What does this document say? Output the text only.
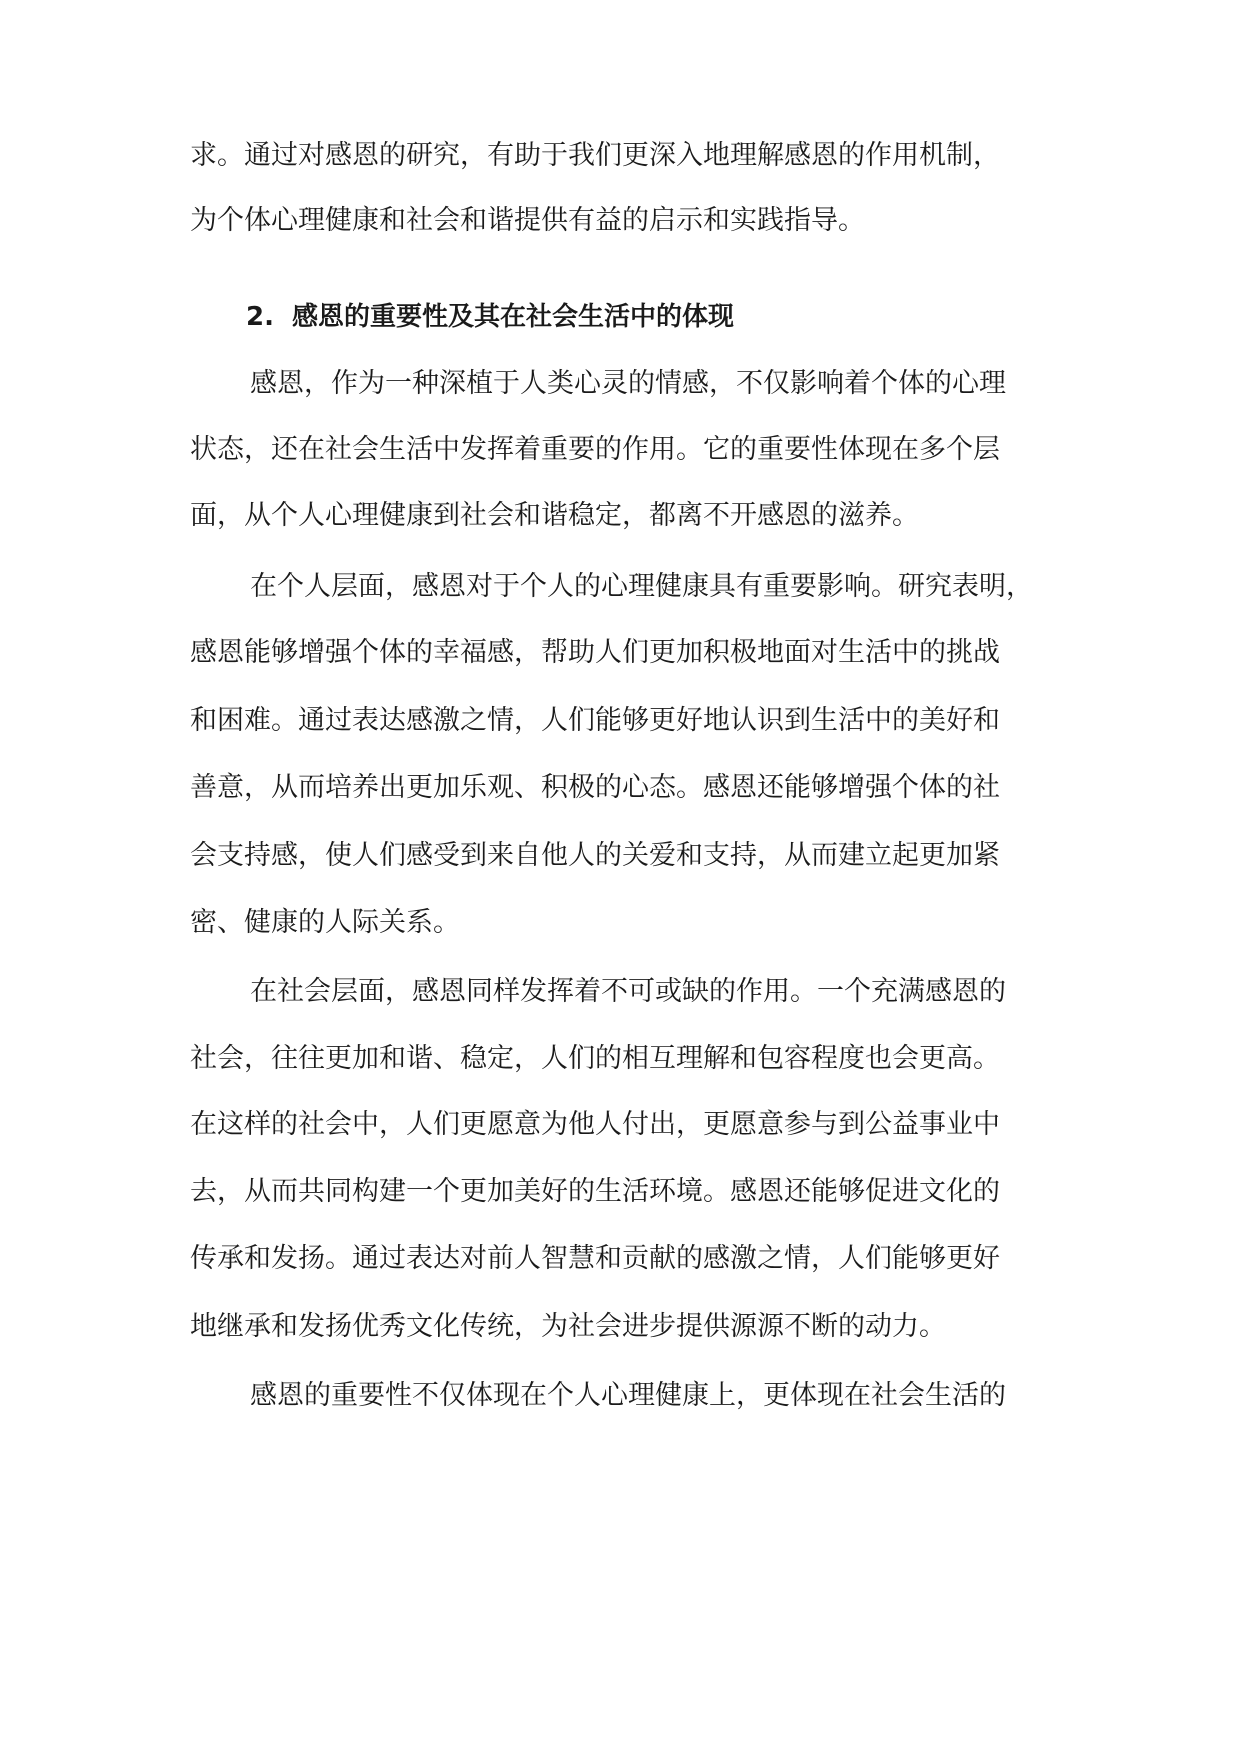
求。通过对感恩的研究，有助于我们更深入地理解感恩的作用机制，
为个体心理健康和社会和谐提供有益的启示和实践指导。
2. 感恩的重要性及其在社会生活中的体现
感恩，作为一种深植于人类心灵的情感，不仅影响着个体的心理
状态，还在社会生活中发挥着重要的作用。它的重要性体现在多个层
面，从个人心理健康到社会和谐稳定，都离不开感恩的滋养。
在个人层面，感恩对于个人的心理健康具有重要影响。研究表明，
感恩能够增强个体的幸福感，帮助人们更加积极地面对生活中的挑战
和困难。通过表达感激之情，人们能够更好地认识到生活中的美好和
善意，从而培养出更加乐观、积极的心态。感恩还能够增强个体的社
会支持感，使人们感受到来自他人的关爱和支持，从而建立起更加紧
密、健康的人际关系。
在社会层面，感恩同样发挥着不可或缺的作用。一个充满感恩的
社会，往往更加和谐、稳定，人们的相互理解和包容程度也会更高。
在这样的社会中，人们更愿意为他人付出，更愿意参与到公益事业中
去，从而共同构建一个更加美好的生活环境。感恩还能够促进文化的
传承和发扬。通过表达对前人智慧和贡献的感激之情，人们能够更好
地继承和发扬优秀文化传统，为社会进步提供源源不断的动力。
感恩的重要性不仅体现在个人心理健康上，更体现在社会生活的
